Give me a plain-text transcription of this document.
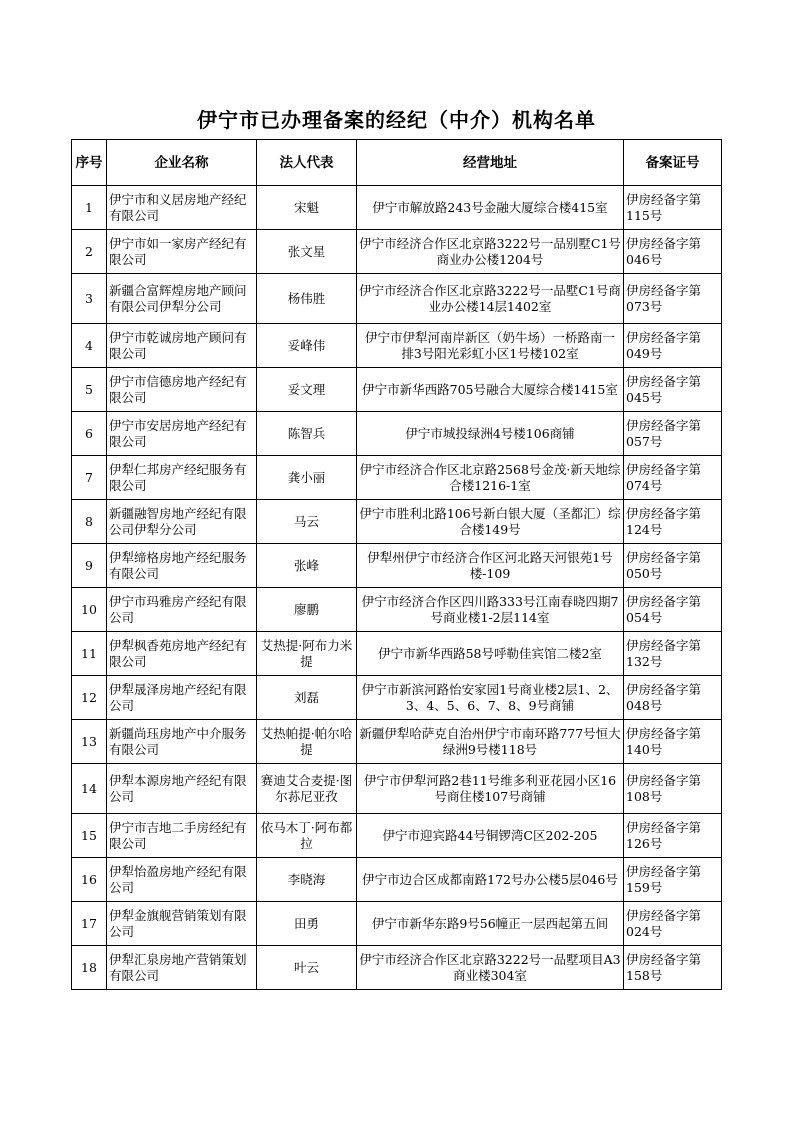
伊宁市已办理备案的经纪（中介）机构名单
序号	企业名称	法人代表	经营地址	备案证号
1	伊宁市和义居房地产经纪有限公司	宋魁	伊宁市解放路243号金融大厦综合楼415室	伊房经备字第115号
2	伊宁市如一家房产经纪有限公司	张文星	伊宁市经济合作区北京路3222号一品别墅C1号商业办公楼1204号	伊房经备字第046号
3	新疆合富辉煌房地产顾问有限公司伊犁分公司	杨伟胜	伊宁市经济合作区北京路3222号一品墅C1号商业办公楼14层1402室	伊房经备字第073号
4	伊宁市乾诚房地产顾问有限公司	妥峰伟	伊宁市伊犁河南岸新区（奶牛场）一桥路南一排3号阳光彩虹小区1号楼102室	伊房经备字第049号
5	伊宁市信德房地产经纪有限公司	妥文理	伊宁市新华西路705号融合大厦综合楼1415室	伊房经备字第045号
6	伊宁市安居房地产经纪有限公司	陈智兵	伊宁市城投绿洲4号楼106商铺	伊房经备字第057号
7	伊犁仁邦房产经纪服务有限公司	龚小丽	伊宁市经济合作区北京路2568号金茂·新天地综合楼1216-1室	伊房经备字第074号
8	新疆融智房地产经纪有限公司伊犁分公司	马云	伊宁市胜利北路106号新白银大厦（圣都汇）综合楼149号	伊房经备字第124号
9	伊犁缔格房地产经纪服务有限公司	张峰	伊犁州伊宁市经济合作区河北路天河银苑1号楼-109	伊房经备字第050号
10	伊宁市玛雅房产经纪有限公司	廖鹏	伊宁市经济合作区四川路333号江南春晓四期7号商业楼1-2层114室	伊房经备字第054号
11	伊犁枫香苑房地产经纪有限公司	艾热提·阿布力米提	伊宁市新华西路58号呼勒佳宾馆二楼2室	伊房经备字第132号
12	伊犁晟泽房地产经纪有限公司	刘磊	伊宁市新滨河路怡安家园1号商业楼2层1、2、3、4、5、6、7、8、9号商铺	伊房经备字第048号
13	新疆尚珏房地产中介服务有限公司	艾热帕提·帕尔哈提	新疆伊犁哈萨克自治州伊宁市南环路777号恒大绿洲9号楼118号	伊房经备字第140号
14	伊犁本源房地产经纪有限公司	赛迪艾合麦提·图尔荪尼亚孜	伊宁市伊犁河路2巷11号维多利亚花园小区16号商住楼107号商铺	伊房经备字第108号
15	伊宁市吉地二手房经纪有限公司	依马木丁·阿布都拉	伊宁市迎宾路44号铜锣湾C区202-205	伊房经备字第126号
16	伊犁怡盈房地产经纪有限公司	李晓海	伊宁市边合区成都南路172号办公楼5层046号	伊房经备字第159号
17	伊犁金旗舰营销策划有限公司	田勇	伊宁市新华东路9号56幢正一层西起第五间	伊房经备字第024号
18	伊犁汇泉房地产营销策划有限公司	叶云	伊宁市经济合作区北京路3222号一品墅项目A3商业楼304室	伊房经备字第158号
